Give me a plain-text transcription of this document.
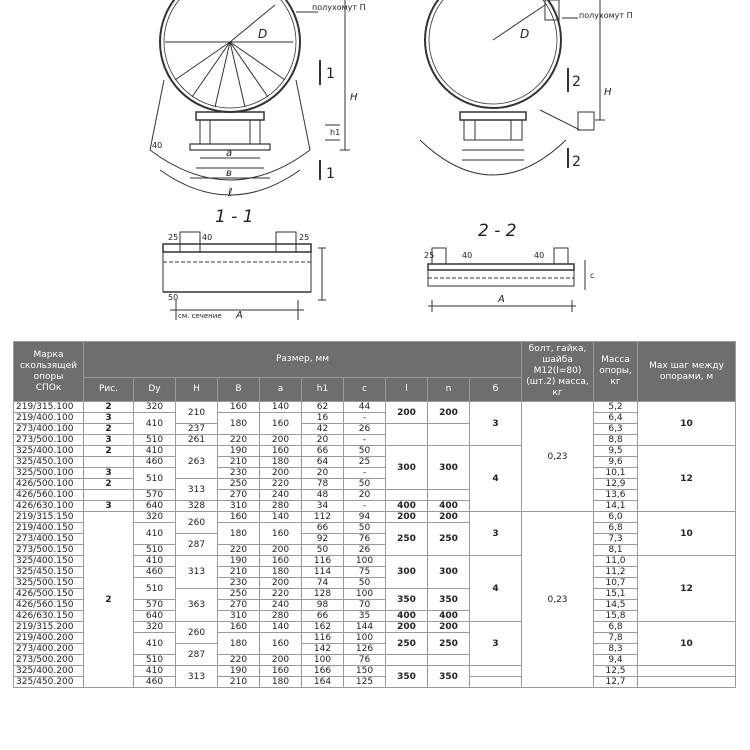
полухомут П
полухомут П
D	D
H	H
h1
a
в
ℓ
40
1
1
2
2
1 - 1
2 - 2
25	40	25
50
см. сечение А
25	40	40
А
c
Марка скользящей опоры
СПОк	Размер, мм										болт, гайка, шайба М12(l=80) (шт.2) масса, кг	Масса опоры, кг	Мах шаг между опорами, м
	Рис.	Dy	H	B	a	h1	c	l	n	б			
219/315.100	2	320	210	160	140	62	44	200	200	3	0,23	5,2	10
219/400.100	3	410		180	160	16	-					6,4	
273/400.100	2		237			42	26					6,3	
273/500.100	3	510	261	220	200	20	-					8,8	
325/400.100	2	410	263	190	160	66	50	300	300	4		9,5	12
325/450.100		460		210	180	64	25					9,6	
325/500.100	3	510		230	200	20	-					10,1	
426/500.100	2		313	250	220	78	50					12,9	
426/560.100		570		270	240	48	20					13,6	
426/630.100	3	640	328	310	280	34	-	400	400			14,1	
219/315.150	2	320	260	160	140	112	94	200	200	3	0,23	6,0	10
219/400.150		410		180	160	66	50	250	250			6,8	
273/400.150			287			92	76					7,3	
273/500.150		510		220	200	50	26					8,1	
325/400.150		410	313	190	160	116	100	300	300	4		11,0	12
325/450.150		460		210	180	114	75					11,2	
325/500.150		510		230	200	74	50					10,7	
426/500.150			363	250	220	128	100	350	350			15,1	
426/560.150		570		270	240	98	70					14,5	
426/630.150		640		310	280	66	35	400	400			15,8	
219/315.200		320	260	160	140	162	144	200	200	3		6,8	10
219/400.200		410		180	160	116	100	250	250			7,8	
273/400.200			287			142	126					8,3	
273/500.200		510		220	200	100	76					9,4	
325/400.200		410	313	190	160	166	150	350	350			12,5	
325/450.200		460		210	180	164	125					12,7	
